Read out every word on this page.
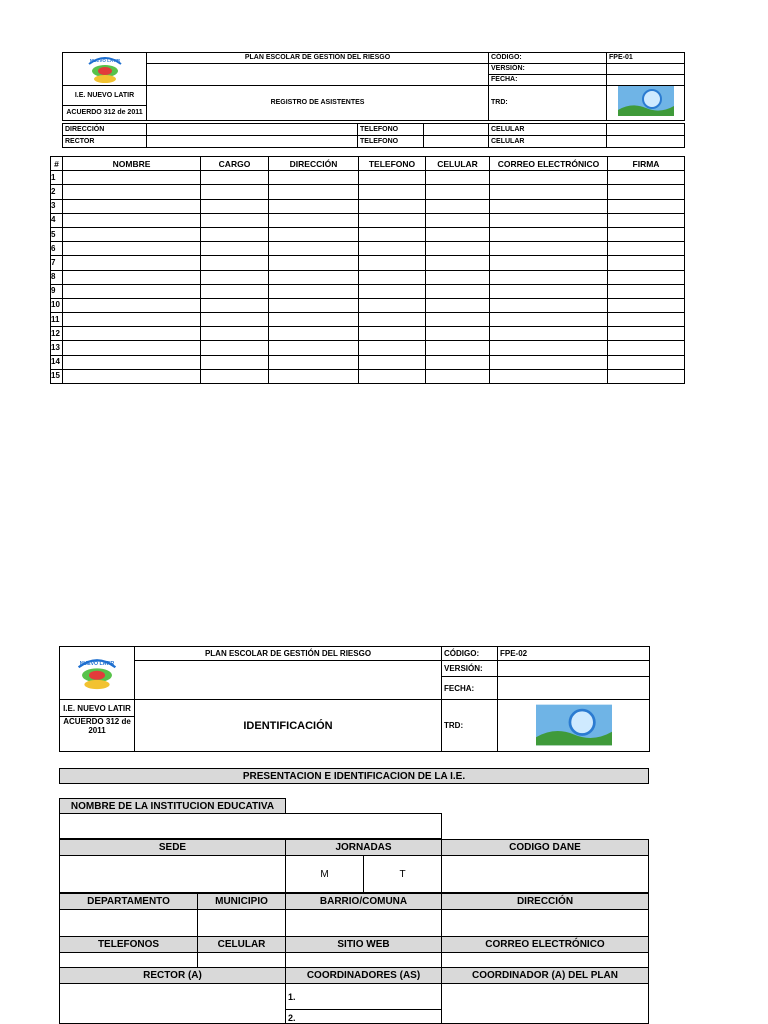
NUEVO LATIR	PLAN ESCOLAR DE GESTIÓN DEL RIESGO	CÓDIGO:	FPE-01
		VERSIÓN:	
		FECHA:	
I.E. NUEVO LATIR	REGISTRO DE ASISTENTES	TRD:	
ACUERDO 312 de 2011			
DIRECCIÓN		TELEFONO		CELULAR	
RECTOR		TELEFONO		CELULAR	
#	NOMBRE	CARGO	DIRECCIÓN	TELEFONO	CELULAR	CORREO ELECTRÓNICO	FIRMA
1							
2							
3							
4							
5							
6							
7							
8							
9							
10							
11							
12							
13							
14							
15							
NUEVO LATIR	PLAN ESCOLAR DE GESTIÓN DEL RIESGO	CÓDIGO:	FPE-02
		VERSIÓN:	
		FECHA:	
I.E. NUEVO LATIR	IDENTIFICACIÓN	TRD:	
ACUERDO 312 de 2011			
PRESENTACION E IDENTIFICACION DE LA I.E.
NOMBRE DE LA INSTITUCION EDUCATIVA
SEDE	JORNADAS	CODIGO DANE
M	T
DEPARTAMENTO	MUNICIPIO	BARRIO/COMUNA	DIRECCIÓN
TELEFONOS	CELULAR	SITIO WEB	CORREO ELECTRÓNICO
RECTOR (A)	COORDINADORES (AS)	COORDINADOR (A) DEL PLAN
1.
2.
